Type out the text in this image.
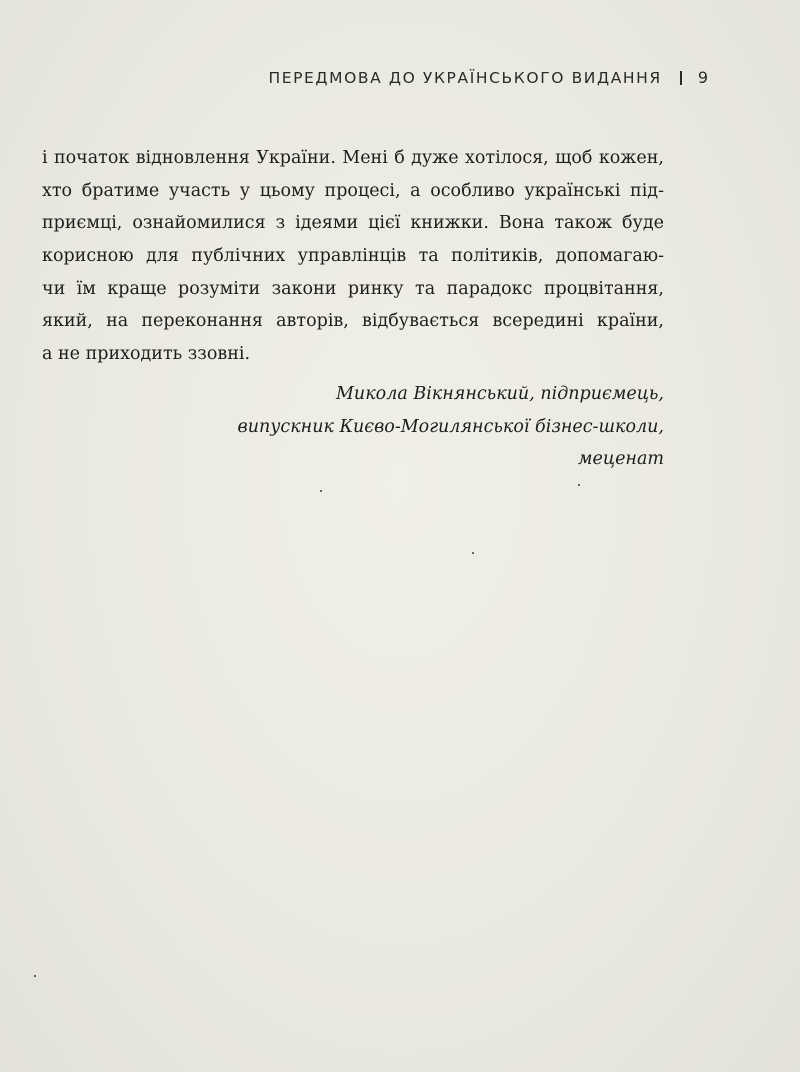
ПЕРЕДМОВА ДО УКРАЇНСЬКОГО ВИДАННЯ 9
і початок відновлення України. Мені б дуже хотілося, щоб кожен,
хто братиме участь у цьому процесі, а особливо українські під-
приємці, ознайомилися з ідеями цієї книжки. Вона також буде
корисною для публічних управлінців та політиків, допомагаю-
чи їм краще розуміти закони ринку та парадокс процвітання,
який, на переконання авторів, відбувається всередині країни,
а не приходить ззовні.
Микола Вікнянський, підприємець,
випускник Києво-Могилянської бізнес-школи,
меценат
